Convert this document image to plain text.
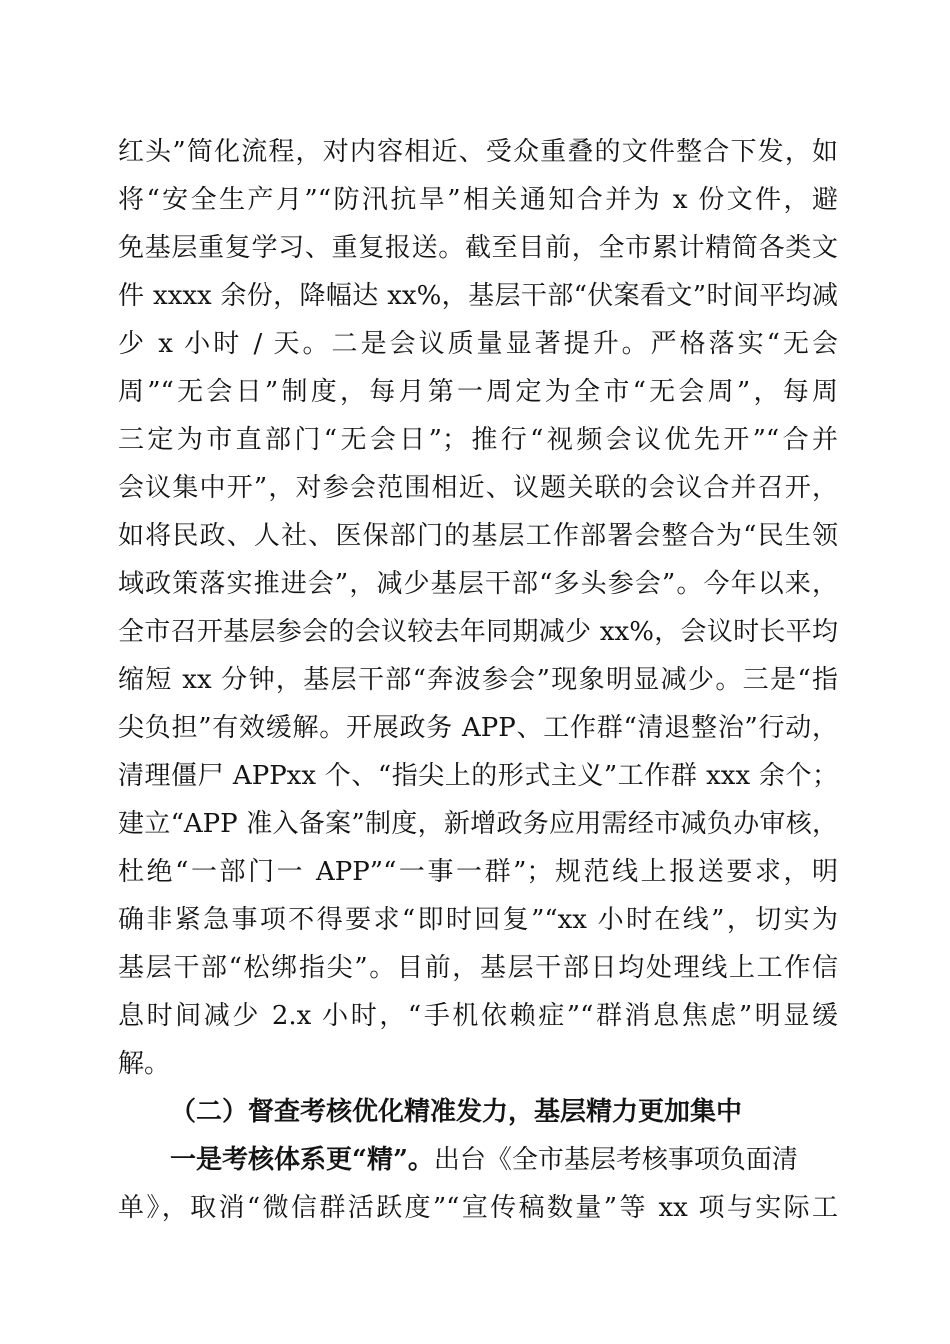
红头”简化流程，对内容相近、受众重叠的文件整合下发，如
将“安全生产月”“防汛抗旱”相关通知合并为 x 份文件，避
免基层重复学习、重复报送。截至目前，全市累计精简各类文
件 xxxx 余份，降幅达 xx%，基层干部“伏案看文”时间平均减
少 x 小时 / 天。二是会议质量显著提升。严格落实“无会
周”“无会日”制度，每月第一周定为全市“无会周”，每周
三定为市直部门“无会日”；推行“视频会议优先开”“合并
会议集中开”，对参会范围相近、议题关联的会议合并召开，
如将民政、人社、医保部门的基层工作部署会整合为“民生领
域政策落实推进会”，减少基层干部“多头参会”。今年以来，
全市召开基层参会的会议较去年同期减少 xx%，会议时长平均
缩短 xx 分钟，基层干部“奔波参会”现象明显减少。三是“指
尖负担”有效缓解。开展政务 APP、工作群“清退整治”行动，
清理僵尸 APPxx 个、“指尖上的形式主义”工作群 xxx 余个；
建立“APP 准入备案”制度，新增政务应用需经市减负办审核，
杜绝“一部门一 APP”“一事一群”；规范线上报送要求，明
确非紧急事项不得要求“即时回复”“xx 小时在线”，切实为
基层干部“松绑指尖”。目前，基层干部日均处理线上工作信
息时间减少 2.x 小时，“手机依赖症”“群消息焦虑”明显缓
解。
（二）督查考核优化精准发力，基层精力更加集中
一是考核体系更“精”。出台《全市基层考核事项负面清
单》，取消“微信群活跃度”“宣传稿数量”等 xx 项与实际工
